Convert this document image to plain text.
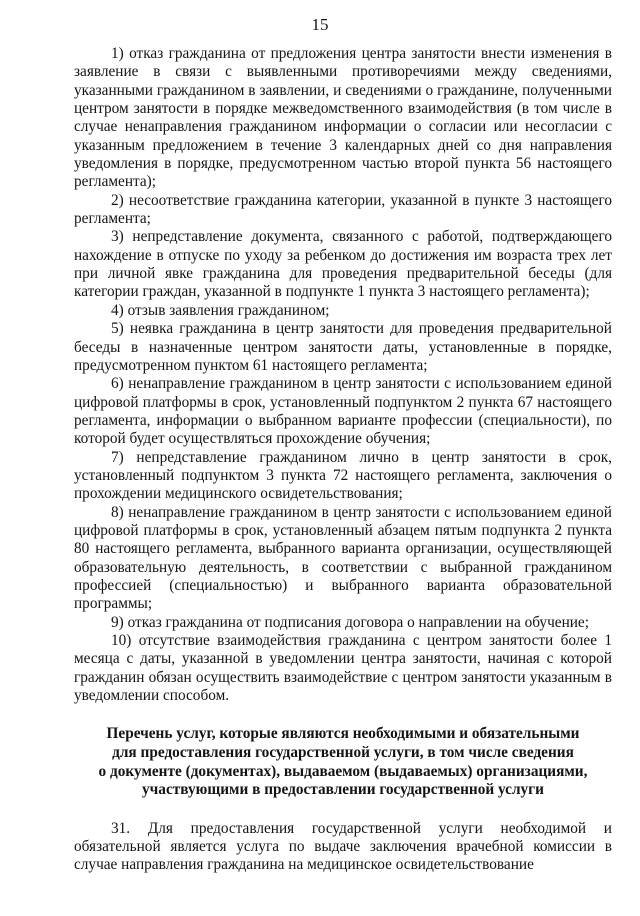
15

1) отказ гражданина от предложения центра занятости внести изменения в заявление в связи с выявленными противоречиями между сведениями, указанными гражданином в заявлении, и сведениями о гражданине, полученными центром занятости в порядке межведомственного взаимодействия (в том числе в случае ненаправления гражданином информации о согласии или несогласии с указанным предложением в течение 3 календарных дней со дня направления уведомления в порядке, предусмотренном частью второй пункта 56 настоящего регламента);

2) несоответствие гражданина категории, указанной в пункте 3 настоящего регламента;

3) непредставление документа, связанного с работой, подтверждающего нахождение в отпуске по уходу за ребенком до достижения им возраста трех лет при личной явке гражданина для проведения предварительной беседы (для категории граждан, указанной в подпункте 1 пункта 3 настоящего регламента);

4) отзыв заявления гражданином;

5) неявка гражданина в центр занятости для проведения предварительной беседы в назначенные центром занятости даты, установленные в порядке, предусмотренном пунктом 61 настоящего регламента;

6) ненаправление гражданином в центр занятости с использованием единой цифровой платформы в срок, установленный подпунктом 2 пункта 67 настоящего регламента, информации о выбранном варианте профессии (специальности), по которой будет осуществляться прохождение обучения;

7) непредставление гражданином лично в центр занятости в срок, установленный подпунктом 3 пункта 72 настоящего регламента, заключения о прохождении медицинского освидетельствования;

8) ненаправление гражданином в центр занятости с использованием единой цифровой платформы в срок, установленный абзацем пятым подпункта 2 пункта 80 настоящего регламента, выбранного варианта организации, осуществляющей образовательную деятельность, в соответствии с выбранной гражданином профессией (специальностью) и выбранного варианта образовательной программы;

9) отказ гражданина от подписания договора о направлении на обучение;

10) отсутствие взаимодействия гражданина с центром занятости более 1 месяца с даты, указанной в уведомлении центра занятости, начиная с которой гражданин обязан осуществить взаимодействие с центром занятости указанным в уведомлении способом.

Перечень услуг, которые являются необходимыми и обязательными
для предоставления государственной услуги, в том числе сведения
о документе (документах), выдаваемом (выдаваемых) организациями,
участвующими в предоставлении государственной услуги

31. Для предоставления государственной услуги необходимой и обязательной является услуга по выдаче заключения врачебной комиссии в случае направления гражданина на медицинское освидетельствование
